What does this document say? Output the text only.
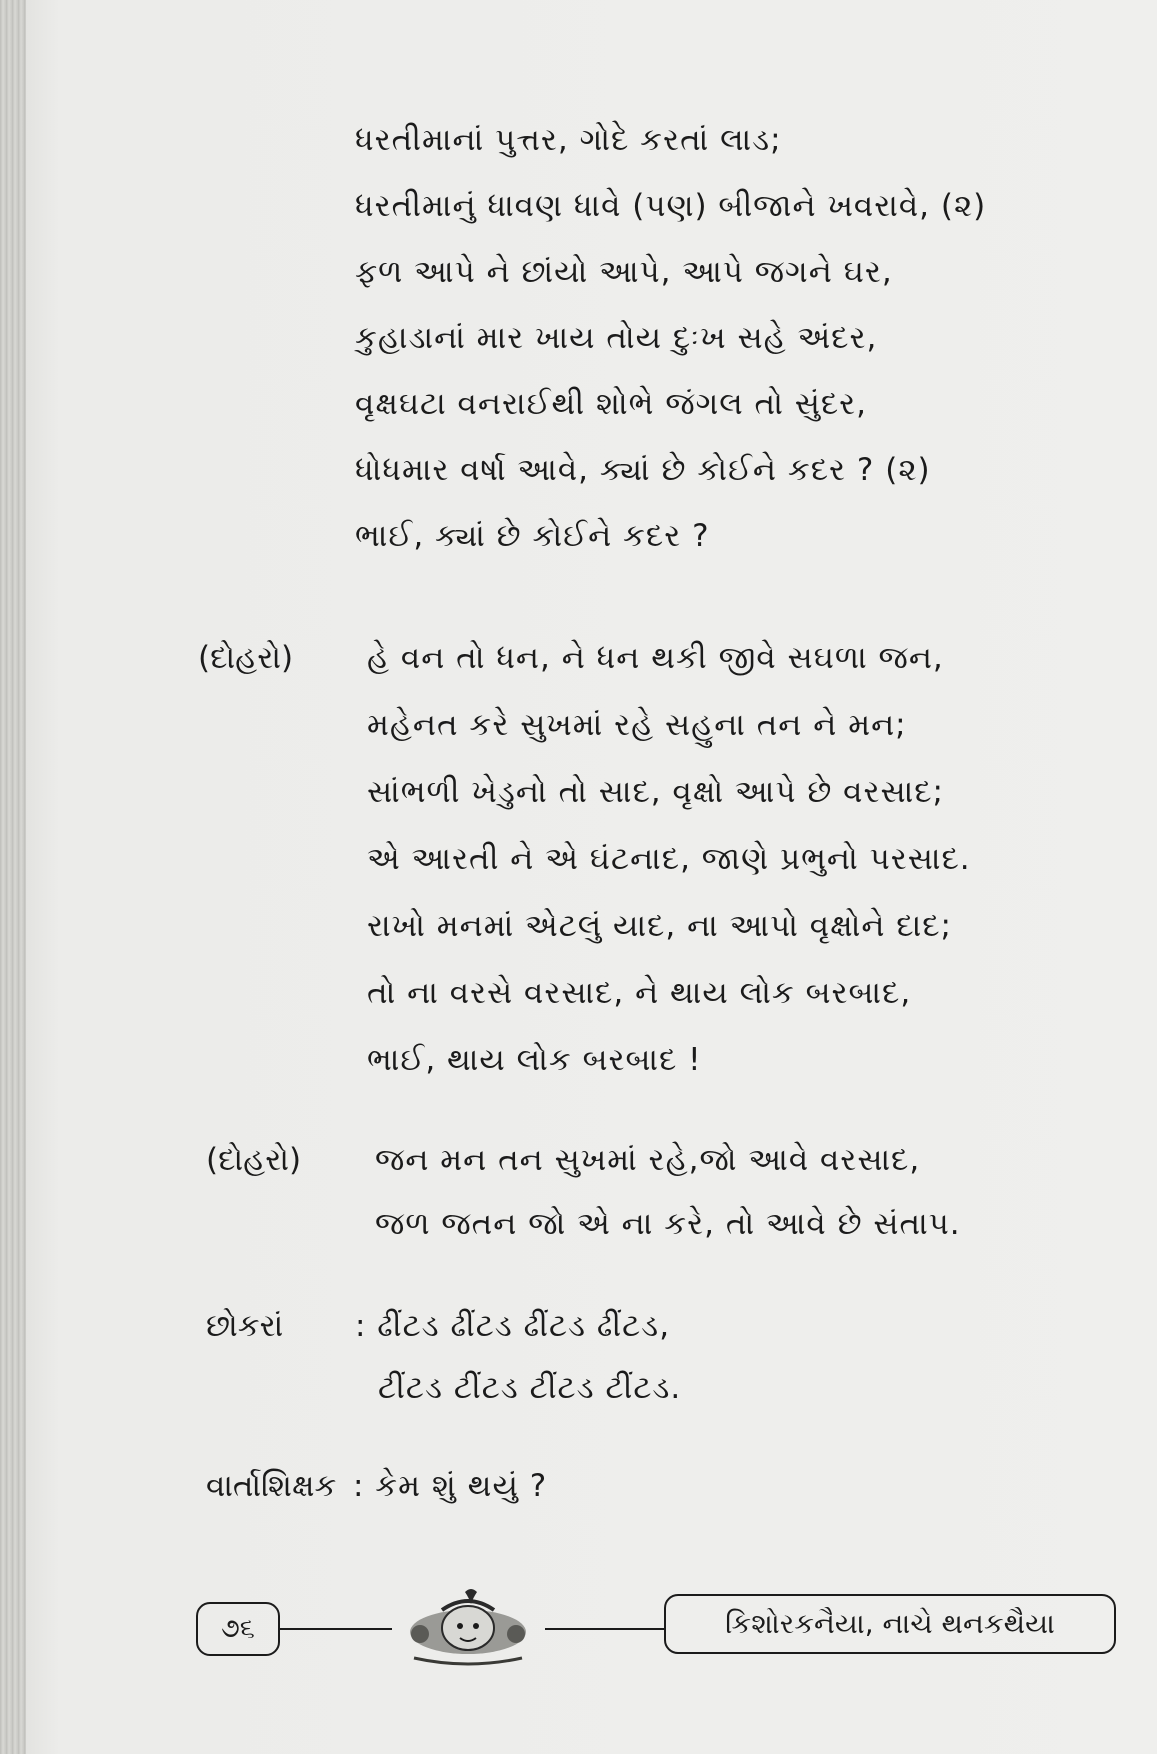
ધરતીમાનાં પુત્તર, ગોદે કરતાં લાડ;
ધરતીમાનું ધાવણ ધાવે (પણ) બીજાને ખવરાવે, (૨)
ફળ આપે ને છાંયો આપે, આપે જગને ઘર,
કુહાડાનાં માર ખાય તોય દુઃખ સહે અંદર,
વૃક્ષઘટા વનરાઈથી શોભે જંગલ તો સુંદર,
ધોધમાર વર્ષા આવે, ક્યાં છે કોઈને કદર ? (૨)
ભાઈ, ક્યાં છે કોઈને કદર ?
(દોહરો) હે વન તો ધન, ને ધન થકી જીવે સઘળા જન,
મહેનત કરે સુખમાં રહે સહુના તન ને મન;
સાંભળી ખેડુનો તો સાદ, વૃક્ષો આપે છે વરસાદ;
એ આરતી ને એ ઘંટનાદ, જાણે પ્રભુનો પરસાદ.
રાખો મનમાં એટલું યાદ, ના આપો વૃક્ષોને દાદ;
તો ના વરસે વરસાદ, ને થાય લોક બરબાદ,
ભાઈ, થાય લોક બરબાદ !
(દોહરો) જન મન તન સુખમાં રહે,જો આવે વરસાદ,
જળ જતન જો એ ના કરે, તો આવે છે સંતાપ.
છોકરાં : ઢીંટડ ઢીંટડ ઢીંટડ ઢીંટડ,
ટીંટડ ટીંટડ ટીંટડ ટીંટડ.
વાર્તાશિક્ષક : કેમ શું થયું ?
૭૬	કિશોરકનૈયા, નાચે થનકથૈયા
